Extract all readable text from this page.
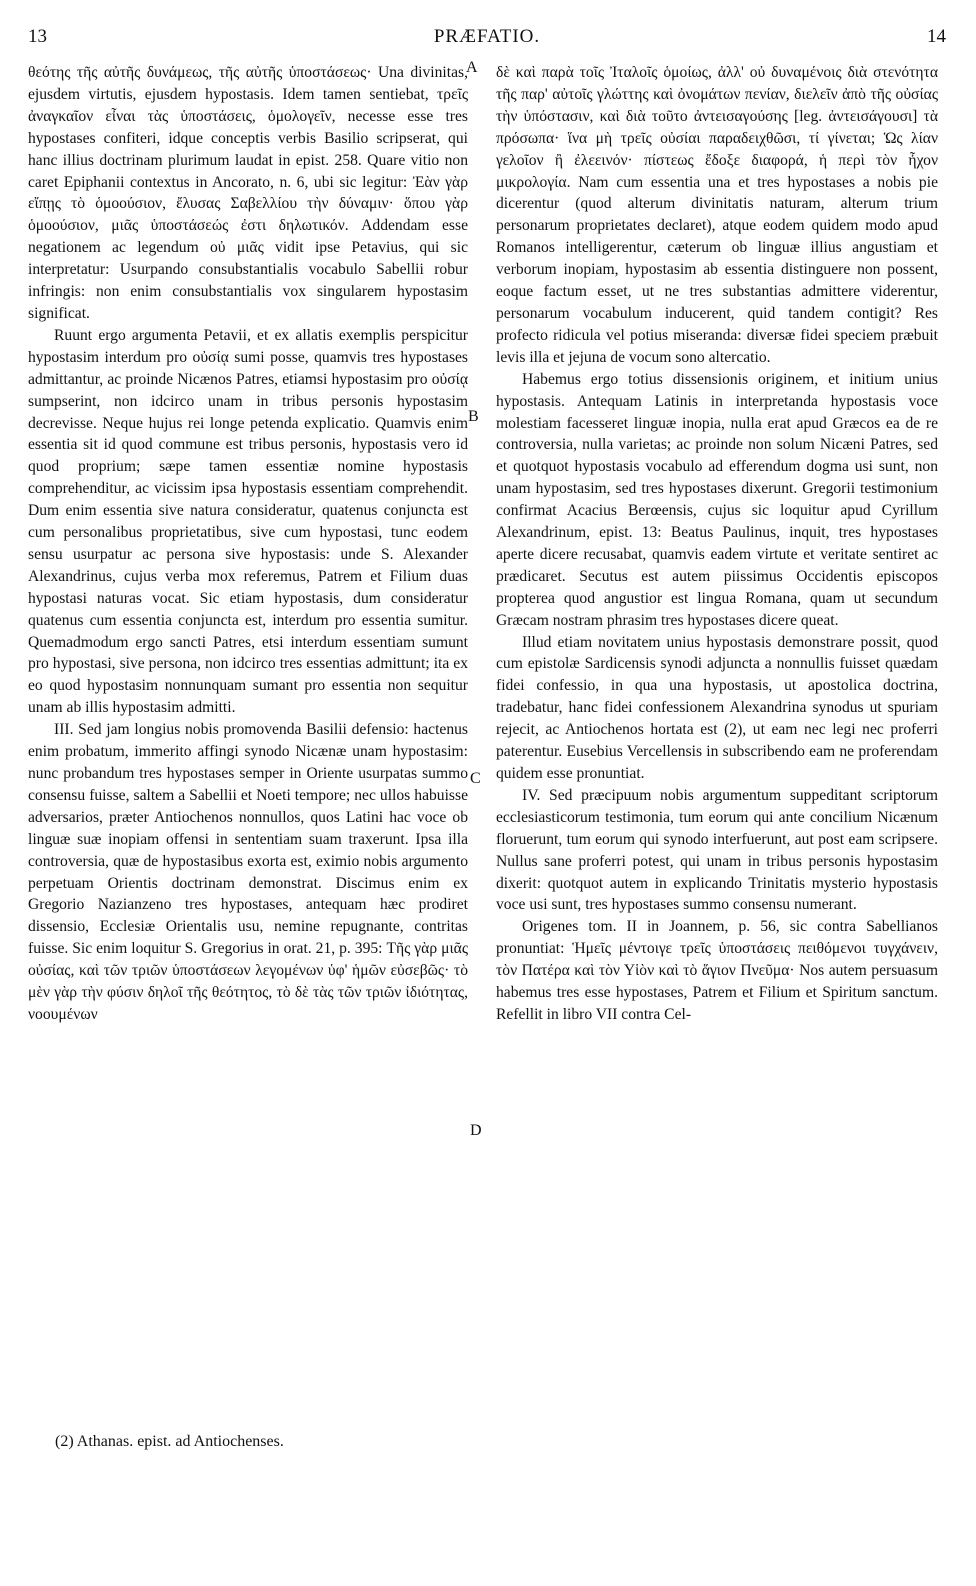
13	PRÆFATIO.	14
A
B
C
D

θεότης τῆς αὐτῆς δυνάμεως, τῆς αὐτῆς ὑποστάσεως· Una divinitas, ejusdem virtutis, ejusdem hypostasis. Idem tamen sentiebat, τρεῖς ἀναγκαῖον εἶναι τὰς ὑποστάσεις, ὁμολογεῖν, necesse esse tres hypostases confiteri, idque conceptis verbis Basilio scripserat, qui hanc illius doctrinam plurimum laudat in epist. 258. Quare vitio non caret Epiphanii contextus in Ancorato, n. 6, ubi sic legitur: Ἐὰν γὰρ εἴπῃς τὸ ὁμοούσιον, ἔλυσας Σαβελλίου τὴν δύναμιν· ὅπου γὰρ ὁμοούσιον, μιᾶς ὑποστάσεώς ἐστι δηλωτικόν. Addendam esse negationem ac legendum οὐ μιᾶς vidit ipse Petavius, qui sic interpretatur: Usurpando consubstantialis vocabulo Sabellii robur infringis: non enim consubstantialis vox singularem hypostasim significat.

Ruunt ergo argumenta Petavii, et ex allatis exemplis perspicitur hypostasim interdum pro οὐσίᾳ sumi posse, quamvis tres hypostases admittantur, ac proinde Nicænos Patres, etiamsi hypostasim pro οὐσίᾳ sumpserint, non idcirco unam in tribus personis hypostasim decrevisse. Neque hujus rei longe petenda explicatio. Quamvis enim essentia sit id quod commune est tribus personis, hypostasis vero id quod proprium; sæpe tamen essentiæ nomine hypostasis comprehenditur, ac vicissim ipsa hypostasis essentiam comprehendit. Dum enim essentia sive natura consideratur, quatenus conjuncta est cum personalibus proprietatibus, sive cum hypostasi, tunc eodem sensu usurpatur ac persona sive hypostasis: unde S. Alexander Alexandrinus, cujus verba mox referemus, Patrem et Filium duas hypostasi naturas vocat. Sic etiam hypostasis, dum consideratur quatenus cum essentia conjuncta est, interdum pro essentia sumitur. Quemadmodum ergo sancti Patres, etsi interdum essentiam sumunt pro hypostasi, sive persona, non idcirco tres essentias admittunt; ita ex eo quod hypostasim nonnunquam sumant pro essentia non sequitur unam ab illis hypostasim admitti.

III. Sed jam longius nobis promovenda Basilii defensio: hactenus enim probatum, immerito affingi synodo Nicænæ unam hypostasim: nunc probandum tres hypostases semper in Oriente usurpatas summo consensu fuisse, saltem a Sabellii et Noeti tempore; nec ullos habuisse adversarios, præter Antiochenos nonnullos, quos Latini hac voce ob linguæ suæ inopiam offensi in sententiam suam traxerunt. Ipsa illa controversia, quæ de hypostasibus exorta est, eximio nobis argumento perpetuam Orientis doctrinam demonstrat. Discimus enim ex Gregorio Nazianzeno tres hypostases, antequam hæc prodiret dissensio, Ecclesiæ Orientalis usu, nemine repugnante, contritas fuisse. Sic enim loquitur S. Gregorius in orat. 21, p. 395: Τῆς γὰρ μιᾶς οὐσίας, καὶ τῶν τριῶν ὑποστάσεων λεγομένων ὑφ' ἡμῶν εὐσεβῶς· τὸ μὲν γὰρ τὴν φύσιν δηλοῖ τῆς θεότητος, τὸ δὲ τὰς τῶν τριῶν ἰδιότητας, νοουμένων

δὲ καὶ παρὰ τοῖς Ἰταλοῖς ὁμοίως, ἀλλ' οὐ δυναμένοις διὰ στενότητα τῆς παρ' αὐτοῖς γλώττης καὶ ὀνομάτων πενίαν, διελεῖν ἀπὸ τῆς οὐσίας τὴν ὑπόστασιν, καὶ διὰ τοῦτο ἀντεισαγούσης [leg. ἀντεισάγουσι] τὰ πρόσωπα· ἵνα μὴ τρεῖς οὐσίαι παραδειχθῶσι, τί γίνεται; Ὡς λίαν γελοῖον ἢ ἐλεεινόν· πίστεως ἔδοξε διαφορά, ἡ περὶ τὸν ἦχον μικρολογία. Nam cum essentia una et tres hypostases a nobis pie dicerentur (quod alterum divinitatis naturam, alterum trium personarum proprietates declaret), atque eodem quidem modo apud Romanos intelligerentur, cæterum ob linguæ illius angustiam et verborum inopiam, hypostasim ab essentia distinguere non possent, eoque factum esset, ut ne tres substantias admittere viderentur, personarum vocabulum inducerent, quid tandem contigit? Res profecto ridicula vel potius miseranda: diversæ fidei speciem præbuit levis illa et jejuna de vocum sono altercatio.

Habemus ergo totius dissensionis originem, et initium unius hypostasis. Antequam Latinis in interpretanda hypostasis voce molestiam facesseret linguæ inopia, nulla erat apud Græcos ea de re controversia, nulla varietas; ac proinde non solum Nicæni Patres, sed et quotquot hypostasis vocabulo ad efferendum dogma usi sunt, non unam hypostasim, sed tres hypostases dixerunt. Gregorii testimonium confirmat Acacius Berœensis, cujus sic loquitur apud Cyrillum Alexandrinum, epist. 13: Beatus Paulinus, inquit, tres hypostases aperte dicere recusabat, quamvis eadem virtute et veritate sentiret ac prædicaret. Secutus est autem piissimus Occidentis episcopos propterea quod angustior est lingua Romana, quam ut secundum Græcam nostram phrasim tres hypostases dicere queat.

Illud etiam novitatem unius hypostasis demonstrare possit, quod cum epistolæ Sardicensis synodi adjuncta a nonnullis fuisset quædam fidei confessio, in qua una hypostasis, ut apostolica doctrina, tradebatur, hanc fidei confessionem Alexandrina synodus ut spuriam rejecit, ac Antiochenos hortata est (2), ut eam nec legi nec proferri paterentur. Eusebius Vercellensis in subscribendo eam ne proferendam quidem esse pronuntiat.

IV. Sed præcipuum nobis argumentum suppeditant scriptorum ecclesiasticorum testimonia, tum eorum qui ante concilium Nicænum floruerunt, tum eorum qui synodo interfuerunt, aut post eam scripsere. Nullus sane proferri potest, qui unam in tribus personis hypostasim dixerit: quotquot autem in explicando Trinitatis mysterio hypostasis voce usi sunt, tres hypostases summo consensu numerant.

Origenes tom. II in Joannem, p. 56, sic contra Sabellianos pronuntiat: Ἡμεῖς μέντοιγε τρεῖς ὑποστάσεις πειθόμενοι τυγχάνειν, τὸν Πατέρα καὶ τὸν Υἱὸν καὶ τὸ ἅγιον Πνεῦμα· Nos autem persuasum habemus tres esse hypostases, Patrem et Filium et Spiritum sanctum. Refellit in libro VII contra Cel-

(2) Athanas. epist. ad Antiochenses.
